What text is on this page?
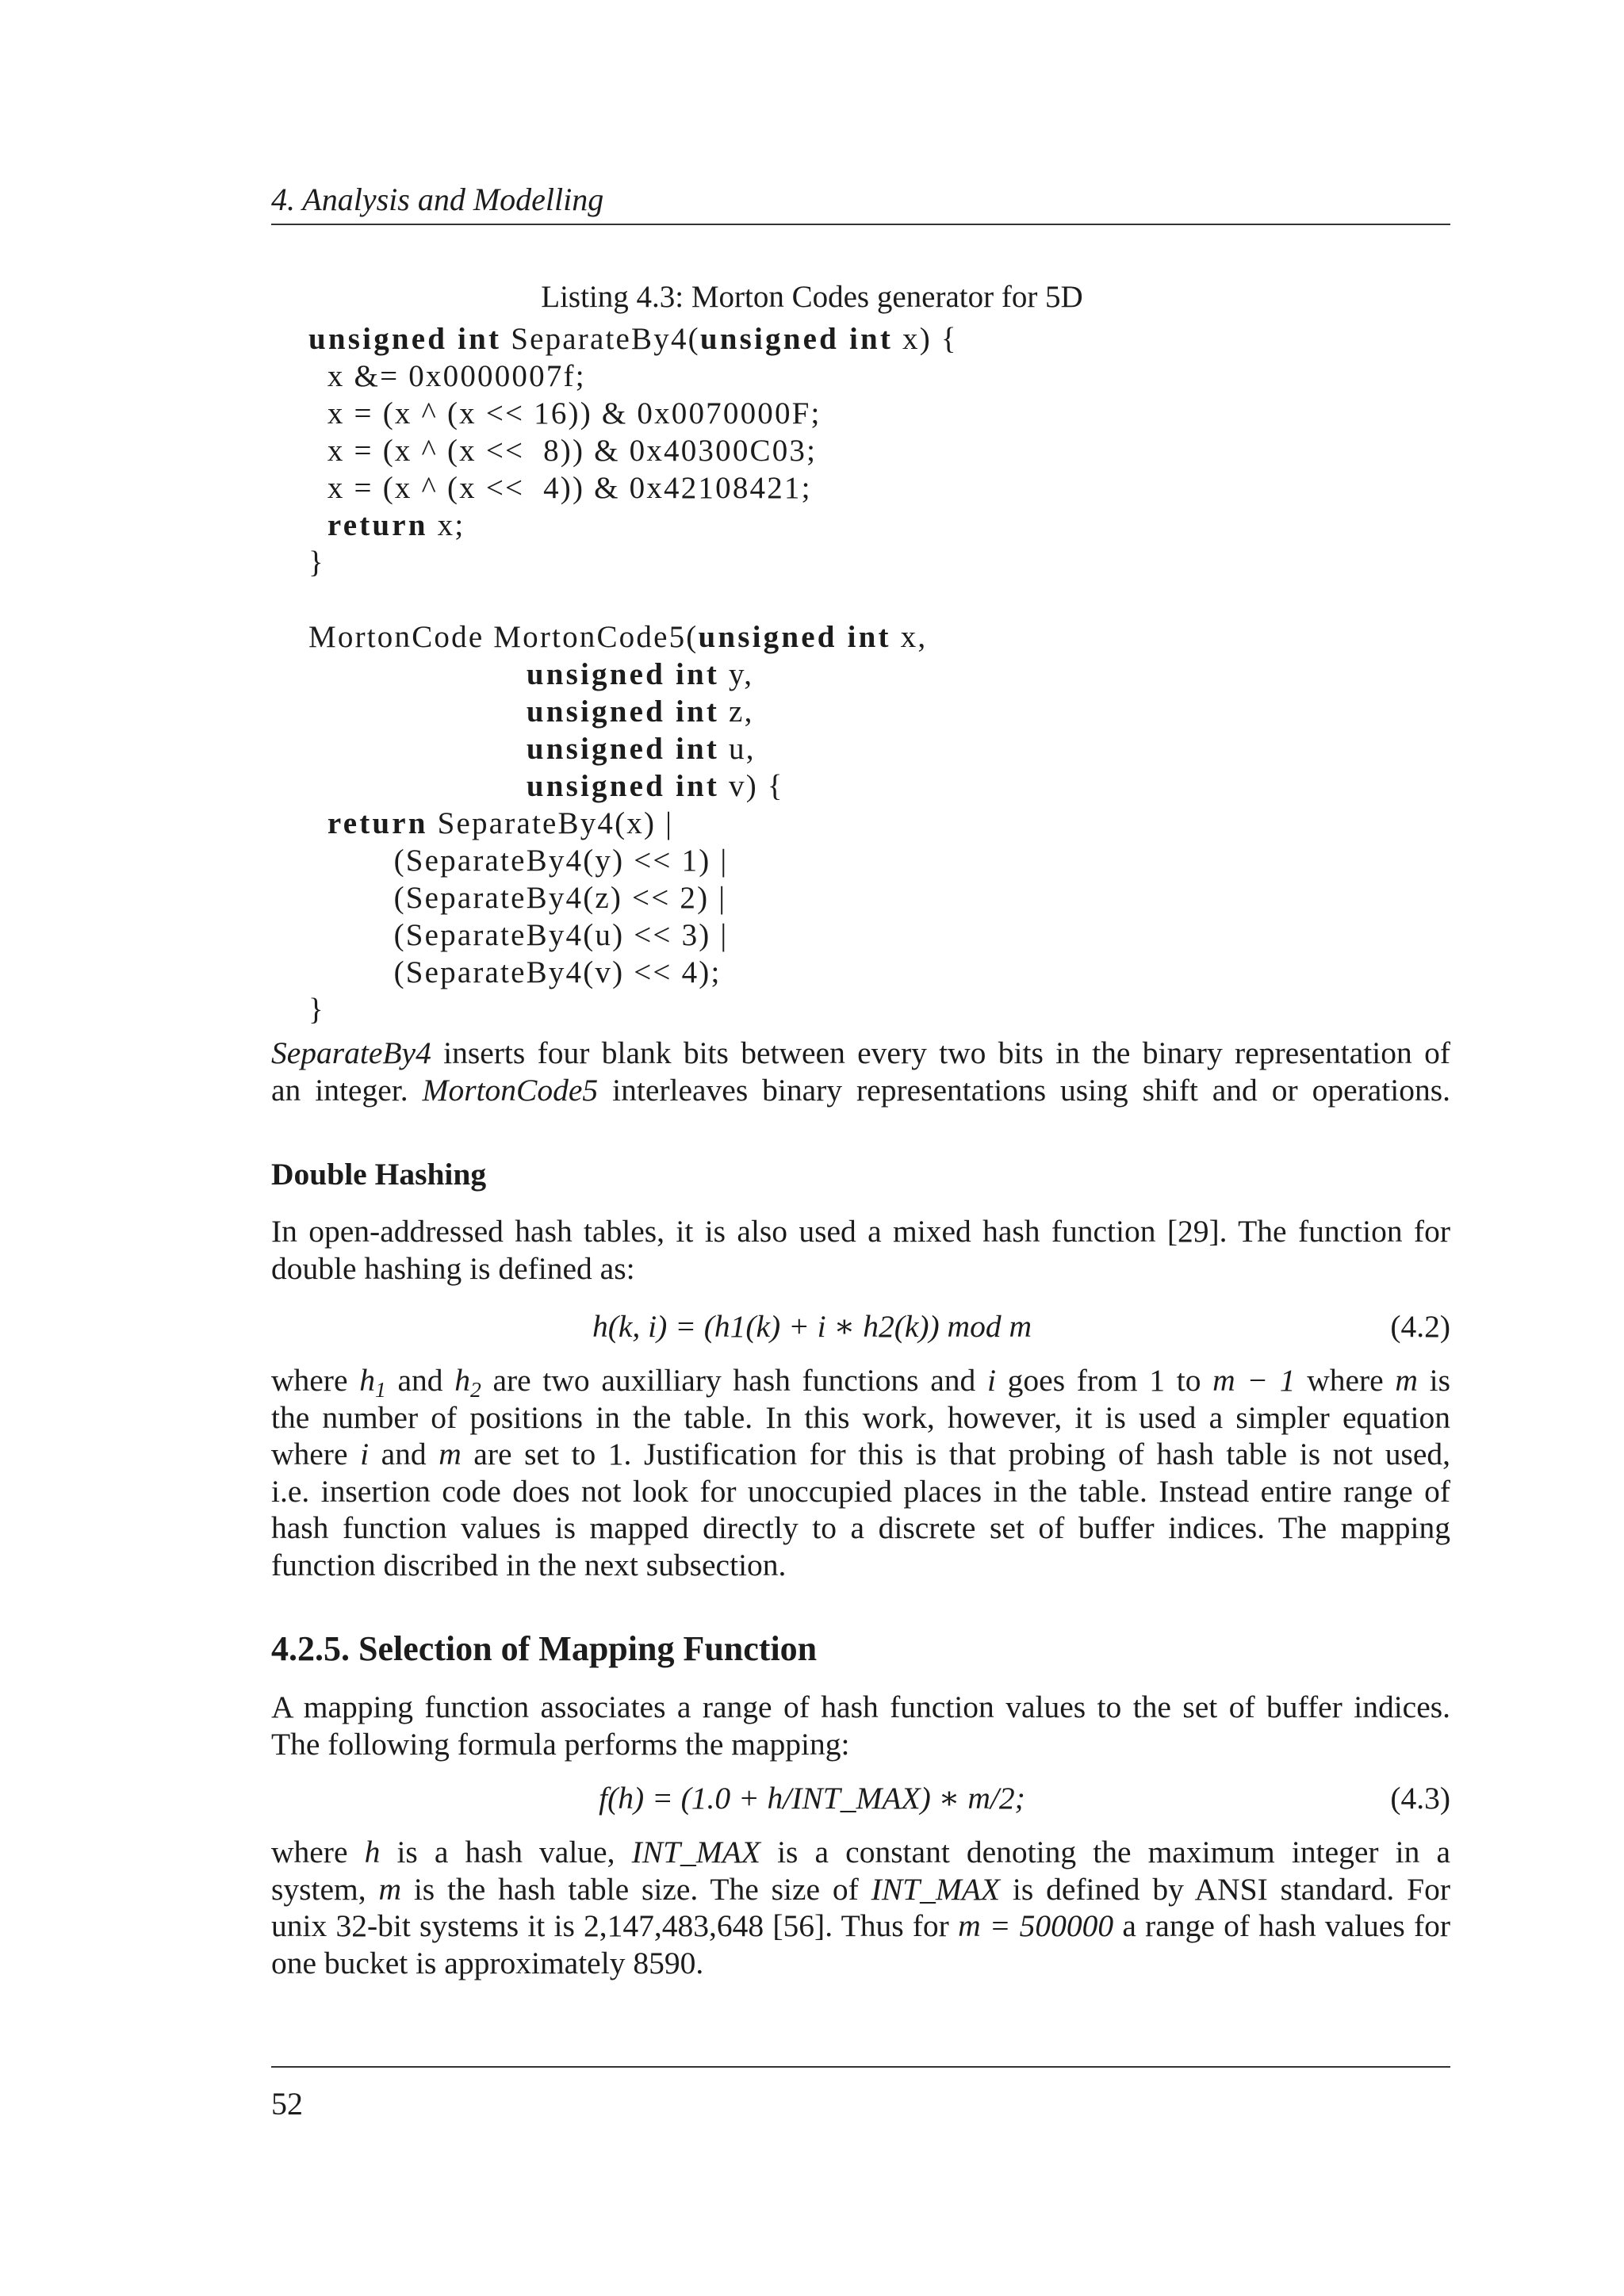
4. Analysis and Modelling
Listing 4.3: Morton Codes generator for 5D
unsigned int SeparateBy4(unsigned int x) {
x &= 0x0000007f;
x = (x ^ (x << 16)) & 0x0070000F;
x = (x ^ (x <<  8)) & 0x40300C03;
x = (x ^ (x <<  4)) & 0x42108421;
return x;
}

MortonCode MortonCode5(unsigned int x,
unsigned int y,
unsigned int z,
unsigned int u,
unsigned int v) {
return SeparateBy4(x) |
(SeparateBy4(y) << 1) |
(SeparateBy4(z) << 2) |
(SeparateBy4(u) << 3) |
(SeparateBy4(v) << 4);
}
SeparateBy4 inserts four blank bits between every two bits in the binary representation of
an integer. MortonCode5 interleaves binary representations using shift and or operations.
Double Hashing
In open-addressed hash tables, it is also used a mixed hash function [29]. The function for
double hashing is defined as:
h(k, i) = (h1(k) + i ∗ h2(k)) mod m	(4.2)
where $h_1$ and $h_2$ are two auxilliary hash functions and i goes from 1 to m − 1 where m is
the number of positions in the table. In this work, however, it is used a simpler equation
where i and m are set to 1. Justification for this is that probing of hash table is not used,
i.e. insertion code does not look for unoccupied places in the table. Instead entire range of
hash function values is mapped directly to a discrete set of buffer indices. The mapping
function discribed in the next subsection.
4.2.5. Selection of Mapping Function
A mapping function associates a range of hash function values to the set of buffer indices.
The following formula performs the mapping:
f(h) = (1.0 + h/INT_MAX) ∗ m/2;	(4.3)
where h is a hash value, INT_MAX is a constant denoting the maximum integer in a
system, m is the hash table size. The size of INT_MAX is defined by ANSI standard. For
unix 32-bit systems it is 2,147,483,648 [56]. Thus for m = 500000 a range of hash values for
one bucket is approximately 8590.
52
